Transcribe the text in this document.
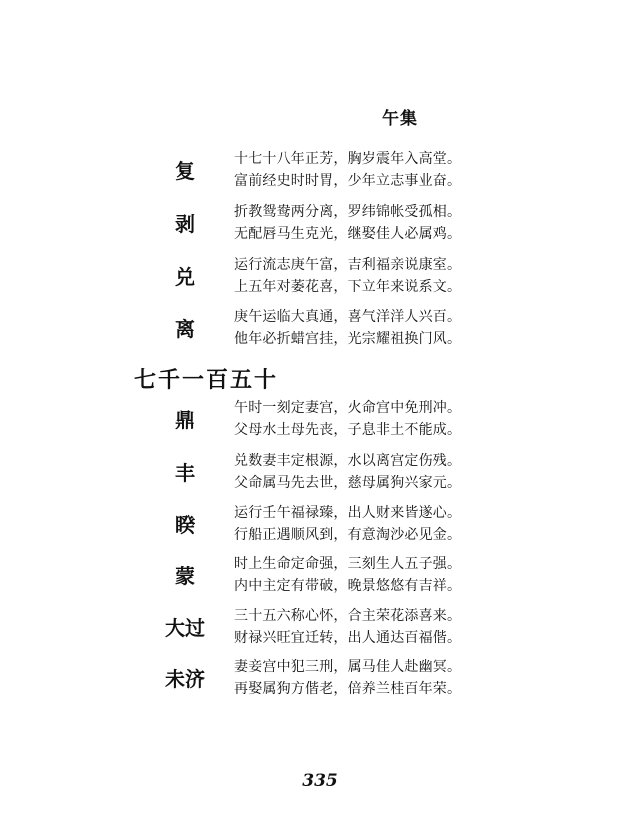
午集
复	十七十八年正芳，胸岁震年入高堂。
富前经史时时胃，少年立志事业奋。
剥	折教鸳鸯两分离，罗纬锦帐受孤相。
无配唇马生克光，继娶佳人必属鸡。
兑	运行流志庚午富，吉利福亲说康室。
上五年对萎花喜，下立年来说系文。
离	庚午运临大真通，喜气洋洋人兴百。
他年必折蜡宫挂，光宗耀祖换门风。
七千一百五十
鼎	午时一刻定妻宫，火命宫中免刑冲。
父母水土母先丧，子息非土不能成。
丰	兑数妻丰定根源，水以离宫定伤残。
父命属马先去世，慈母属狗兴家元。
睽	运行壬午福禄臻，出人财来皆遂心。
行船正遇顺风到，有意淘沙必见金。
蒙	时上生命定命强，三刻生人五子强。
内中主定有带破，晚景悠悠有吉祥。
大过	三十五六称心怀，合主荣花添喜来。
财禄兴旺宜迁转，出人通达百福偕。
未济	妻妾宫中犯三刑，属马佳人赴幽冥。
再娶属狗方偕老，倍养兰桂百年荣。
335
